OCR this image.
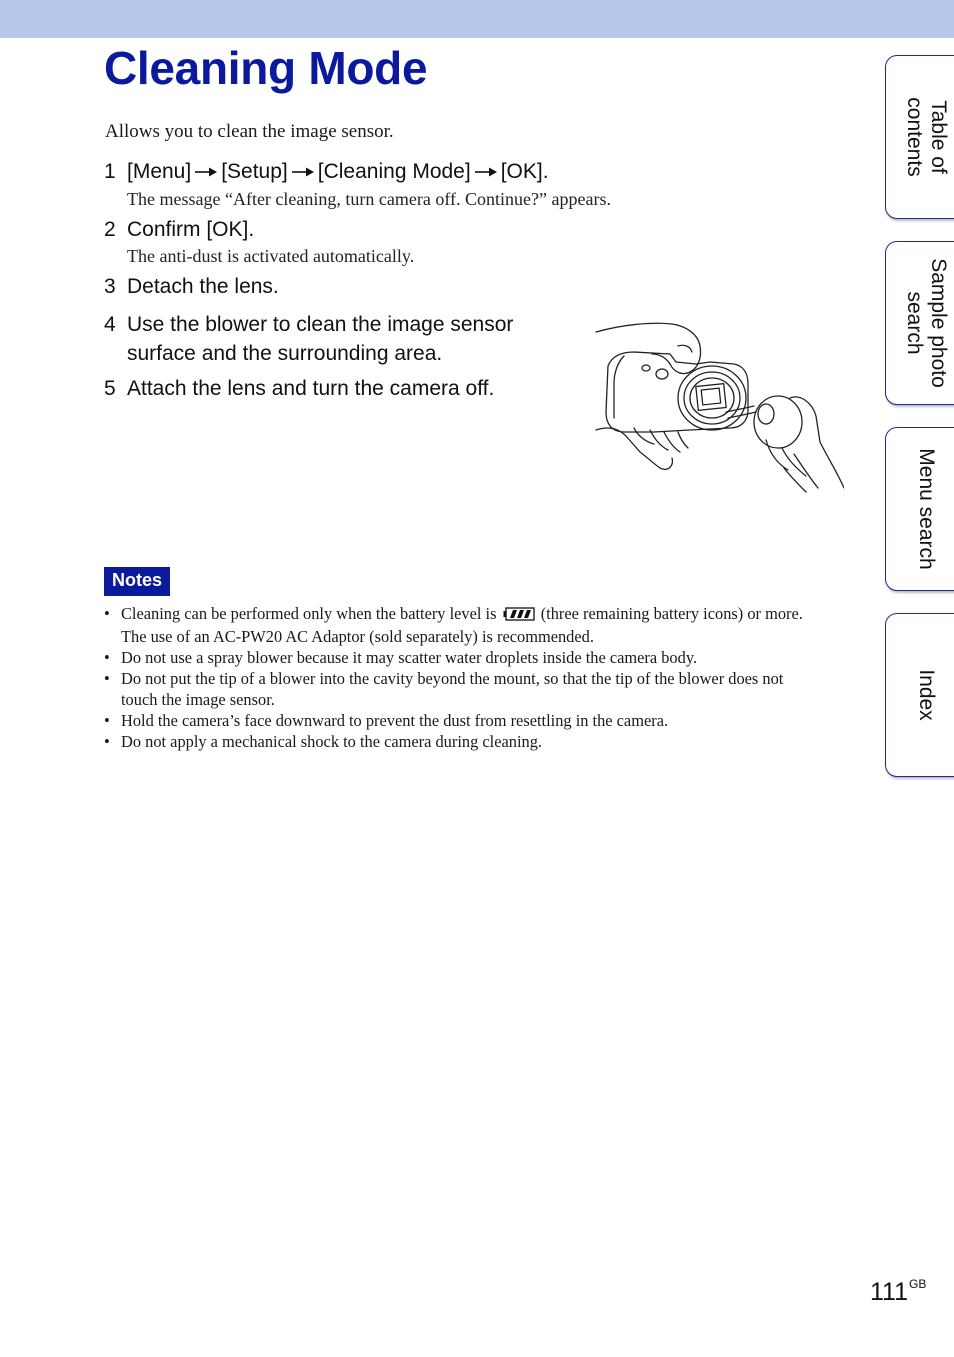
Cleaning Mode

Allows you to clean the image sensor.

1 [Menu] [Setup] [Cleaning Mode] [OK].
The message “After cleaning, turn camera off. Continue?” appears.
2 Confirm [OK].
The anti-dust is activated automatically.
3 Detach the lens.
4 Use the blower to clean the image sensor
surface and the surrounding area.
5 Attach the lens and turn the camera off.
Notes
• Cleaning can be performed only when the battery level is	(three remaining battery icons) or more.
The use of an AC-PW20 AC Adaptor (sold separately) is recommended.
• Do not use a spray blower because it may scatter water droplets inside the camera body.
• Do not put the tip of a blower into the cavity beyond the mount, so that the tip of the blower does not
touch the image sensor.
• Hold the camera’s face downward to prevent the dust from resettling in the camera.
• Do not apply a mechanical shock to the camera during cleaning.
Table of
contents
Sample photo
search
Menu search
Index
$111^{GB}$
